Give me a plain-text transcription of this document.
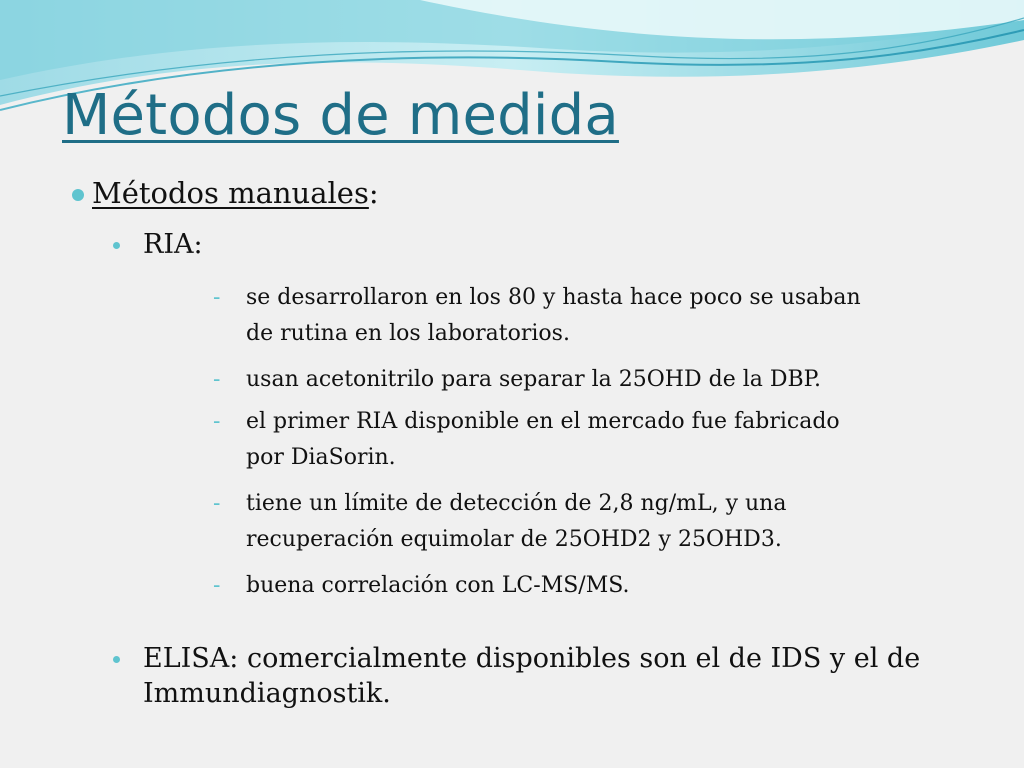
Métodos de medida
Métodos manuales:
RIA:
- se desarrollaron en los 80 y hasta hace poco se usaban
de rutina en los laboratorios.
- usan acetonitrilo para separar la 25OHD de la DBP.
- el primer RIA disponible en el mercado fue fabricado
por DiaSorin.
- tiene un límite de detección de 2,8 ng/mL, y una
recuperación equimolar de 25OHD2 y 25OHD3.
- buena correlación con LC-MS/MS.
ELISA: comercialmente disponibles son el de IDS y el de Immundiagnostik.
